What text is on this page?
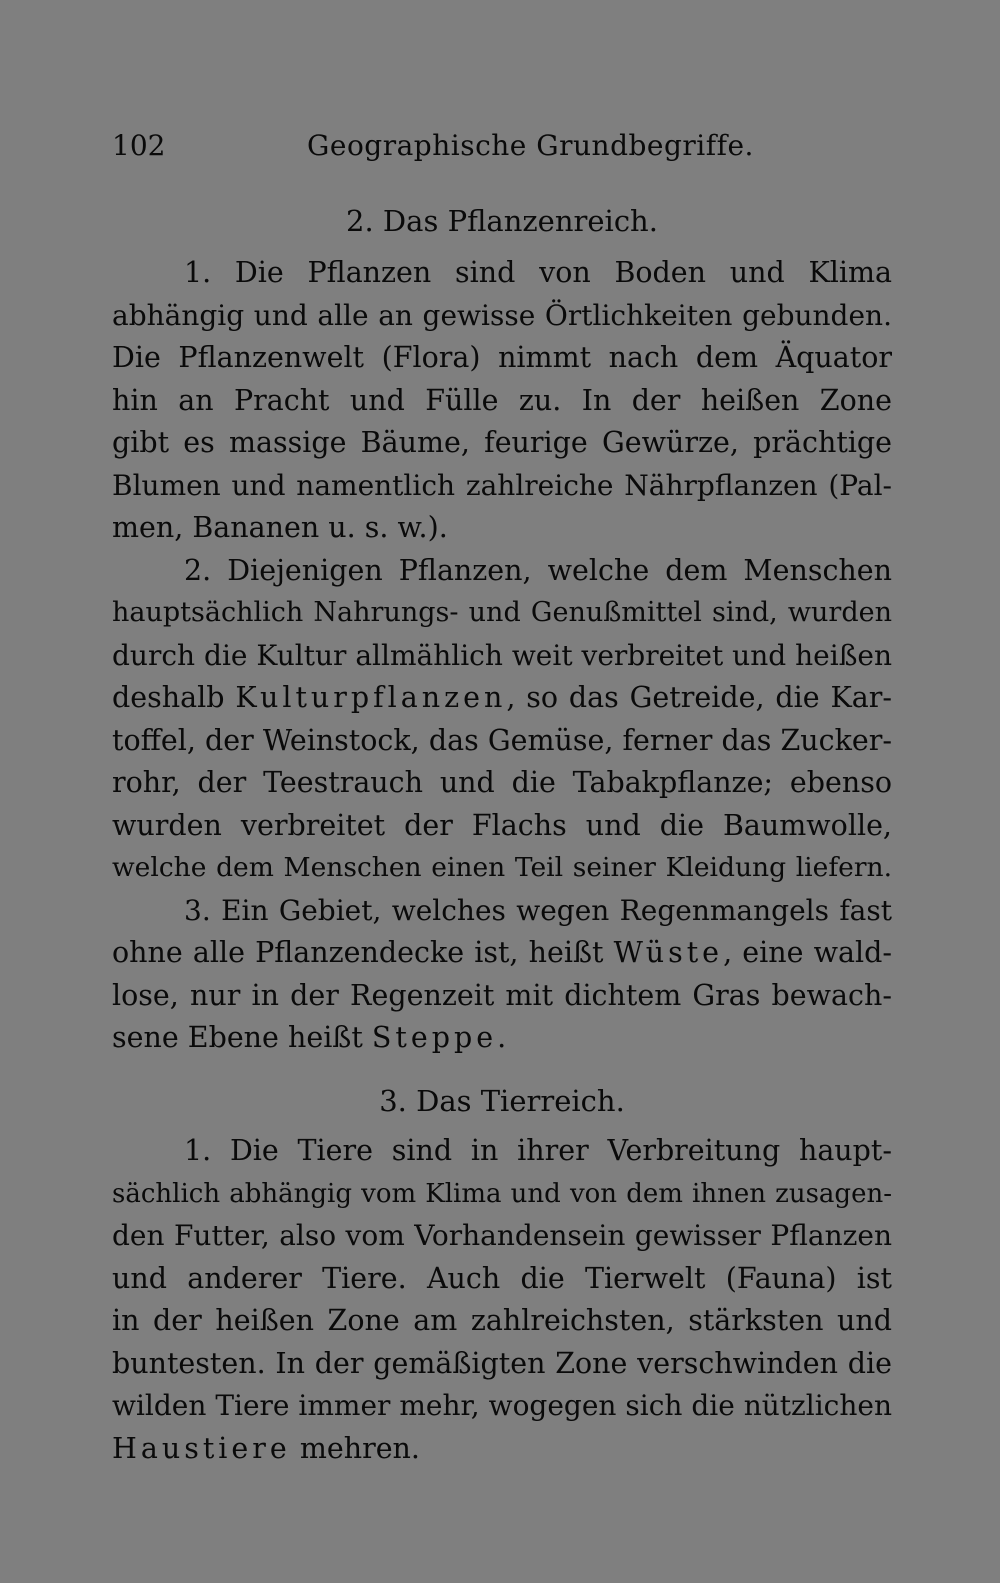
102	Geographische Grundbegriffe.
2. Das Pflanzenreich.
1. Die Pflanzen sind von Boden und Klima
abhängig und alle an gewisse Örtlichkeiten gebunden.
Die Pflanzenwelt (Flora) nimmt nach dem Äquator
hin an Pracht und Fülle zu. In der heißen Zone
gibt es massige Bäume, feurige Gewürze, prächtige
Blumen und namentlich zahlreiche Nährpflanzen (Pal-
men, Bananen u. s. w.).
2. Diejenigen Pflanzen, welche dem Menschen
hauptsächlich Nahrungs- und Genußmittel sind, wurden
durch die Kultur allmählich weit verbreitet und heißen
deshalb Kulturpflanzen, so das Getreide, die Kar-
toffel, der Weinstock, das Gemüse, ferner das Zucker-
rohr, der Teestrauch und die Tabakpflanze; ebenso
wurden verbreitet der Flachs und die Baumwolle,
welche dem Menschen einen Teil seiner Kleidung liefern.
3. Ein Gebiet, welches wegen Regenmangels fast
ohne alle Pflanzendecke ist, heißt Wüste, eine wald-
lose, nur in der Regenzeit mit dichtem Gras bewach-
sene Ebene heißt Steppe.
3. Das Tierreich.
1. Die Tiere sind in ihrer Verbreitung haupt-
sächlich abhängig vom Klima und von dem ihnen zusagen-
den Futter, also vom Vorhandensein gewisser Pflanzen
und anderer Tiere. Auch die Tierwelt (Fauna) ist
in der heißen Zone am zahlreichsten, stärksten und
buntesten. In der gemäßigten Zone verschwinden die
wilden Tiere immer mehr, wogegen sich die nützlichen
Haustiere mehren.
